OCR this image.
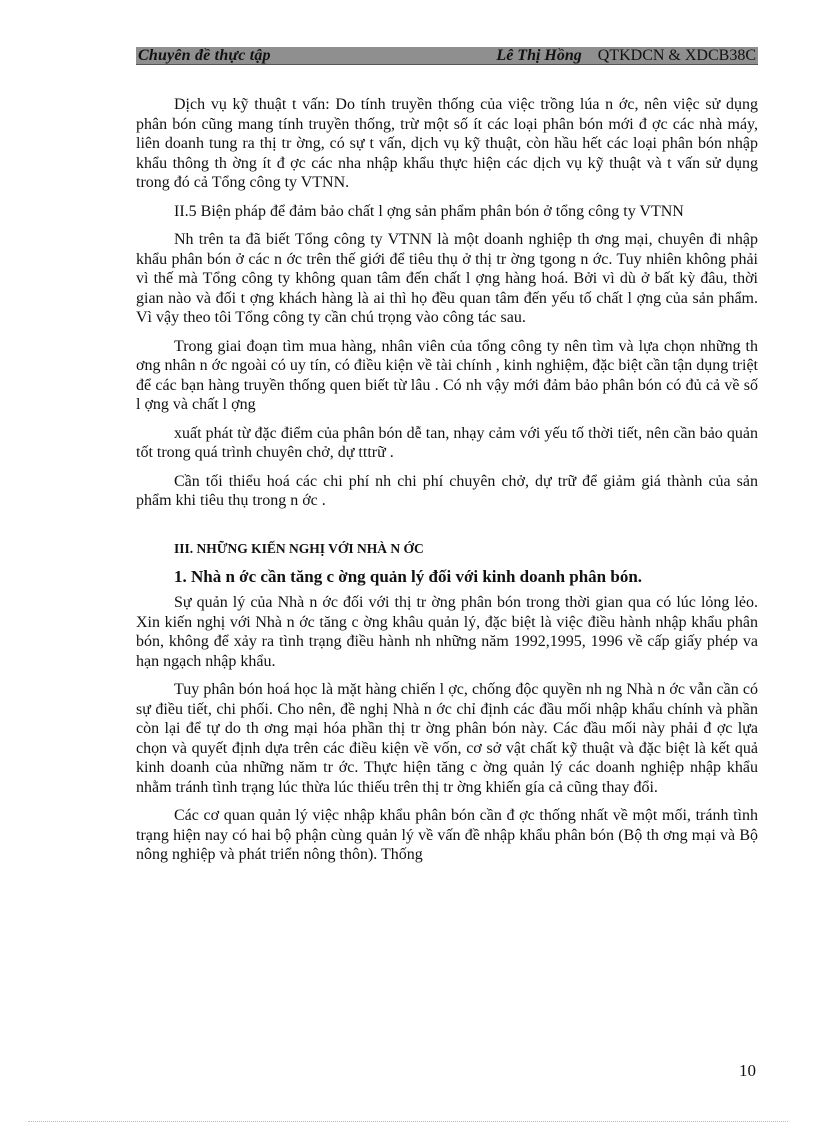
Chuyên đề thực tập	Lê Thị Hồng QTKDCN & XDCB38C

Dịch vụ kỹ thuật t vấn: Do tính truyền thống của việc trồng lúa n ớc, nên việc sử dụng phân bón cũng mang tính truyền thống, trừ một số ít các loại phân bón mới đ ợc các nhà máy, liên doanh tung ra thị tr ờng, có sự t vấn, dịch vụ kỹ thuật, còn hầu hết các loại phân bón nhập khẩu thông th ờng ít đ ợc các nha nhập khẩu thực hiện các dịch vụ kỹ thuật và t vấn sử dụng trong đó cả Tổng công ty VTNN.

II.5 Biện pháp để đảm bảo chất l ợng sản phẩm phân bón ở tổng công ty VTNN

Nh trên ta đã biết Tổng công ty VTNN là một doanh nghiệp th ơng mại, chuyên đi nhập khẩu phân bón ở các n ớc trên thế giới để tiêu thụ ở thị tr ờng tgong n ớc. Tuy nhiên không phải vì thế mà Tổng công ty không quan tâm đến chất l ợng hàng hoá. Bởi vì dù ở bất kỳ đâu, thời gian nào và đối t ợng khách hàng là ai thì họ đều quan tâm đến yếu tố chất l ợng của sản phẩm. Vì vậy theo tôi Tổng công ty cần chú trọng vào công tác sau.

Trong giai đoạn tìm mua hàng, nhân viên của tổng công ty nên tìm và lựa chọn những th ơng nhân n ớc ngoài có uy tín, có điều kiện về tài chính , kinh nghiệm, đặc biệt cần tận dụng triệt để các bạn hàng truyền thống quen biết từ lâu . Có nh vậy mới đảm bảo phân bón có đủ cả về số l ợng và chất l ợng

xuất phát từ đặc điểm của phân bón dễ tan, nhạy cảm với yếu tố thời tiết, nên cần bảo quản tốt trong quá trình chuyên chở, dự tttrữ .

Cần tối thiểu hoá các chi phí nh chi phí chuyên chở, dự trữ để giảm giá thành của sản phẩm khi tiêu thụ trong n ớc .

III. NHỮNG KIẾN NGHỊ VỚI NHÀ N ỚC
1. Nhà n ớc cần tăng c ờng quản lý đối với kinh doanh phân bón.

Sự quản lý của Nhà n ớc đối với thị tr ờng phân bón trong thời gian qua có lúc lỏng lẻo. Xin kiến nghị với Nhà n ớc tăng c ờng khâu quản lý, đặc biệt là việc điều hành nhập khẩu phân bón, không để xảy ra tình trạng điều hành nh những năm 1992,1995, 1996 về cấp giấy phép va hạn ngạch nhập khẩu.

Tuy phân bón hoá học là mặt hàng chiến l ợc, chống độc quyền nh ng Nhà n ớc vẫn cần có sự điều tiết, chi phối. Cho nên, đề nghị Nhà n ớc chỉ định các đầu mối nhập khẩu chính và phần còn lại để tự do th ơng mại hóa phần thị tr ờng phân bón này. Các đầu mối này phải đ ợc lựa chọn và quyết định dựa trên các điều kiện về vốn, cơ sở vật chất kỹ thuật và đặc biệt là kết quả kinh doanh của những năm tr ớc. Thực hiện tăng c ờng quản lý các doanh nghiệp nhập khẩu nhằm tránh tình trạng lúc thừa lúc thiếu trên thị tr ờng khiến gía cả cũng thay đổi.

Các cơ quan quản lý việc nhập khẩu phân bón cần đ ợc thống nhất về một mối, tránh tình trạng hiện nay có hai bộ phận cùng quản lý về vấn đề nhập khẩu phân bón (Bộ th ơng mại và Bộ nông nghiệp và phát triển nông thôn). Thống

10
